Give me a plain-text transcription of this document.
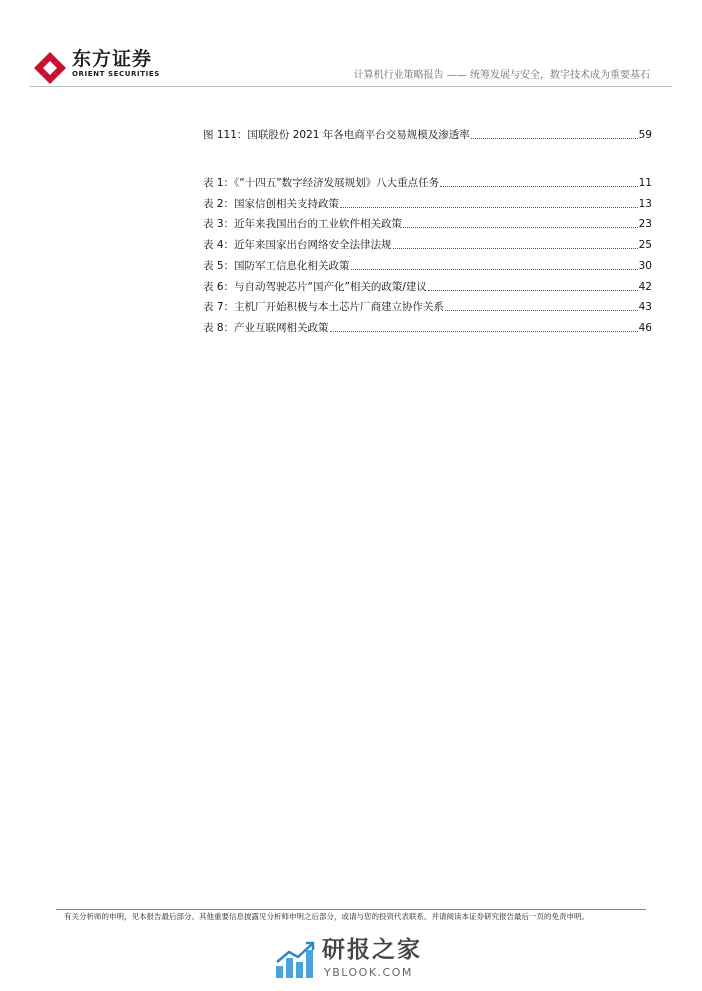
东方证券
ORIENT SECURITIES	计算机行业策略报告 —— 统筹发展与安全，数字技术成为重要基石
图 111：国联股份 2021 年各电商平台交易规模及渗透率	59
表 1：《“十四五”数字经济发展规划》八大重点任务	11
表 2：国家信创相关支持政策	13
表 3：近年来我国出台的工业软件相关政策	23
表 4：近年来国家出台网络安全法律法规	25
表 5：国防军工信息化相关政策	30
表 6：与自动驾驶芯片“国产化”相关的政策/建议	42
表 7：主机厂开始积极与本土芯片厂商建立协作关系	43
表 8：产业互联网相关政策	46
有关分析师的申明，见本报告最后部分。其他重要信息披露见分析师申明之后部分，或请与您的投资代表联系。并请阅读本证券研究报告最后一页的免责申明。
研报之家
YBLOOK.COM
